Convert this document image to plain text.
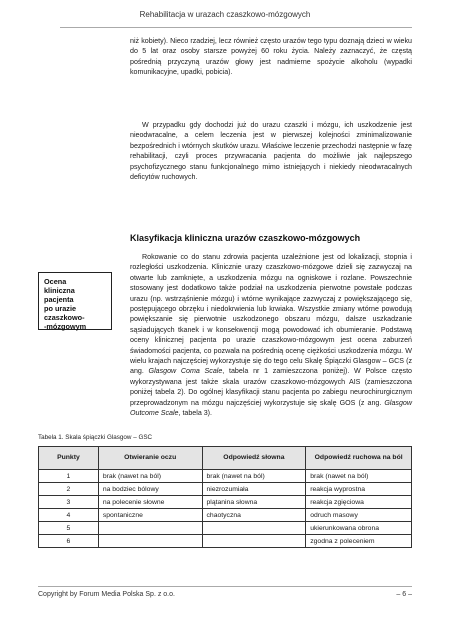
Rehabilitacja w urazach czaszkowo-mózgowych

niż kobiety). Nieco rzadziej, lecz również często urazów tego typu doznają dzieci w wieku do 5 lat oraz osoby starsze powyżej 60 roku życia. Należy zaznaczyć, że częstą pośrednią przyczyną urazów głowy jest nadmierne spożycie alkoholu (wypadki komunikacyjne, upadki, pobicia).

W przypadku gdy dochodzi już do urazu czaszki i mózgu, ich uszkodzenie jest nieodwracalne, a celem leczenia jest w pierwszej kolejności zminimalizowanie bezpośrednich i wtórnych skutków urazu. Właściwe leczenie przechodzi następnie w fazę rehabilitacji, czyli proces przywracania pacjenta do możliwie jak najlepszego psychofizycznego stanu funkcjonalnego mimo istniejących i niekiedy nieodwracalnych deficytów ruchowych.

Klasyfikacja kliniczna urazów czaszkowo-mózgowych

Rokowanie co do stanu zdrowia pacjenta uzależnione jest od lokalizacji, stopnia i rozległości uszkodzenia. Klinicznie urazy czaszkowo-mózgowe dzieli się zazwyczaj na otwarte lub zamknięte, a uszkodzenia mózgu na ogniskowe i rozlane. Powszechnie stosowany jest dodatkowo także podział na uszkodzenia pierwotne powstałe podczas urazu (np. wstrząśnienie mózgu) i wtórne wynikające zazwyczaj z powiększającego się, postępującego obrzęku i niedokrwienia lub krwiaka. Wszystkie zmiany wtórne powodują powiększanie się pierwotnie uszkodzonego obszaru mózgu, dalsze uszkadzanie sąsiadujących tkanek i w konsekwencji mogą powodować ich obumieranie. Podstawą oceny klinicznej pacjenta po urazie czaszkowo-mózgowym jest ocena zaburzeń świadomości pacjenta, co pozwala na pośrednią ocenę ciężkości uszkodzenia mózgu. W wielu krajach najczęściej wykorzystuje się do tego celu Skalę Śpiączki Glasgow – GCS (z ang. Glasgow Coma Scale, tabela nr 1 zamieszczona poniżej). W Polsce często wykorzystywana jest także skala urazów czaszkowo-mózgowych AIS (zamieszczona poniżej tabela 2). Do ogólnej klasyfikacji stanu pacjenta po zabiegu neurochirurgicznym przeprowadzonym na mózgu najczęściej wykorzystuje się skalę GOS (z ang. Glasgow Outcome Scale, tabela 3).

Ocena
kliniczna
pacjenta
po urazie
czaszkowo-
-mózgowym

Tabela 1. Skala śpiączki Glasgow – GSC

Punkty	Otwieranie oczu	Odpowiedź słowna	Odpowiedź ruchowa na ból
1	brak (nawet na ból)	brak (nawet na ból)	brak (nawet na ból)
2	na bodziec bólowy	niezrozumiała	reakcja wyprostna
3	na polecenie słowne	plątanina słowna	reakcja zgięciowa
4	spontaniczne	chaotyczna	odruch masowy
5			ukierunkowana obrona
6			zgodna z poleceniem
Copyright by Forum Media Polska Sp. z o.o.	– 6 –
